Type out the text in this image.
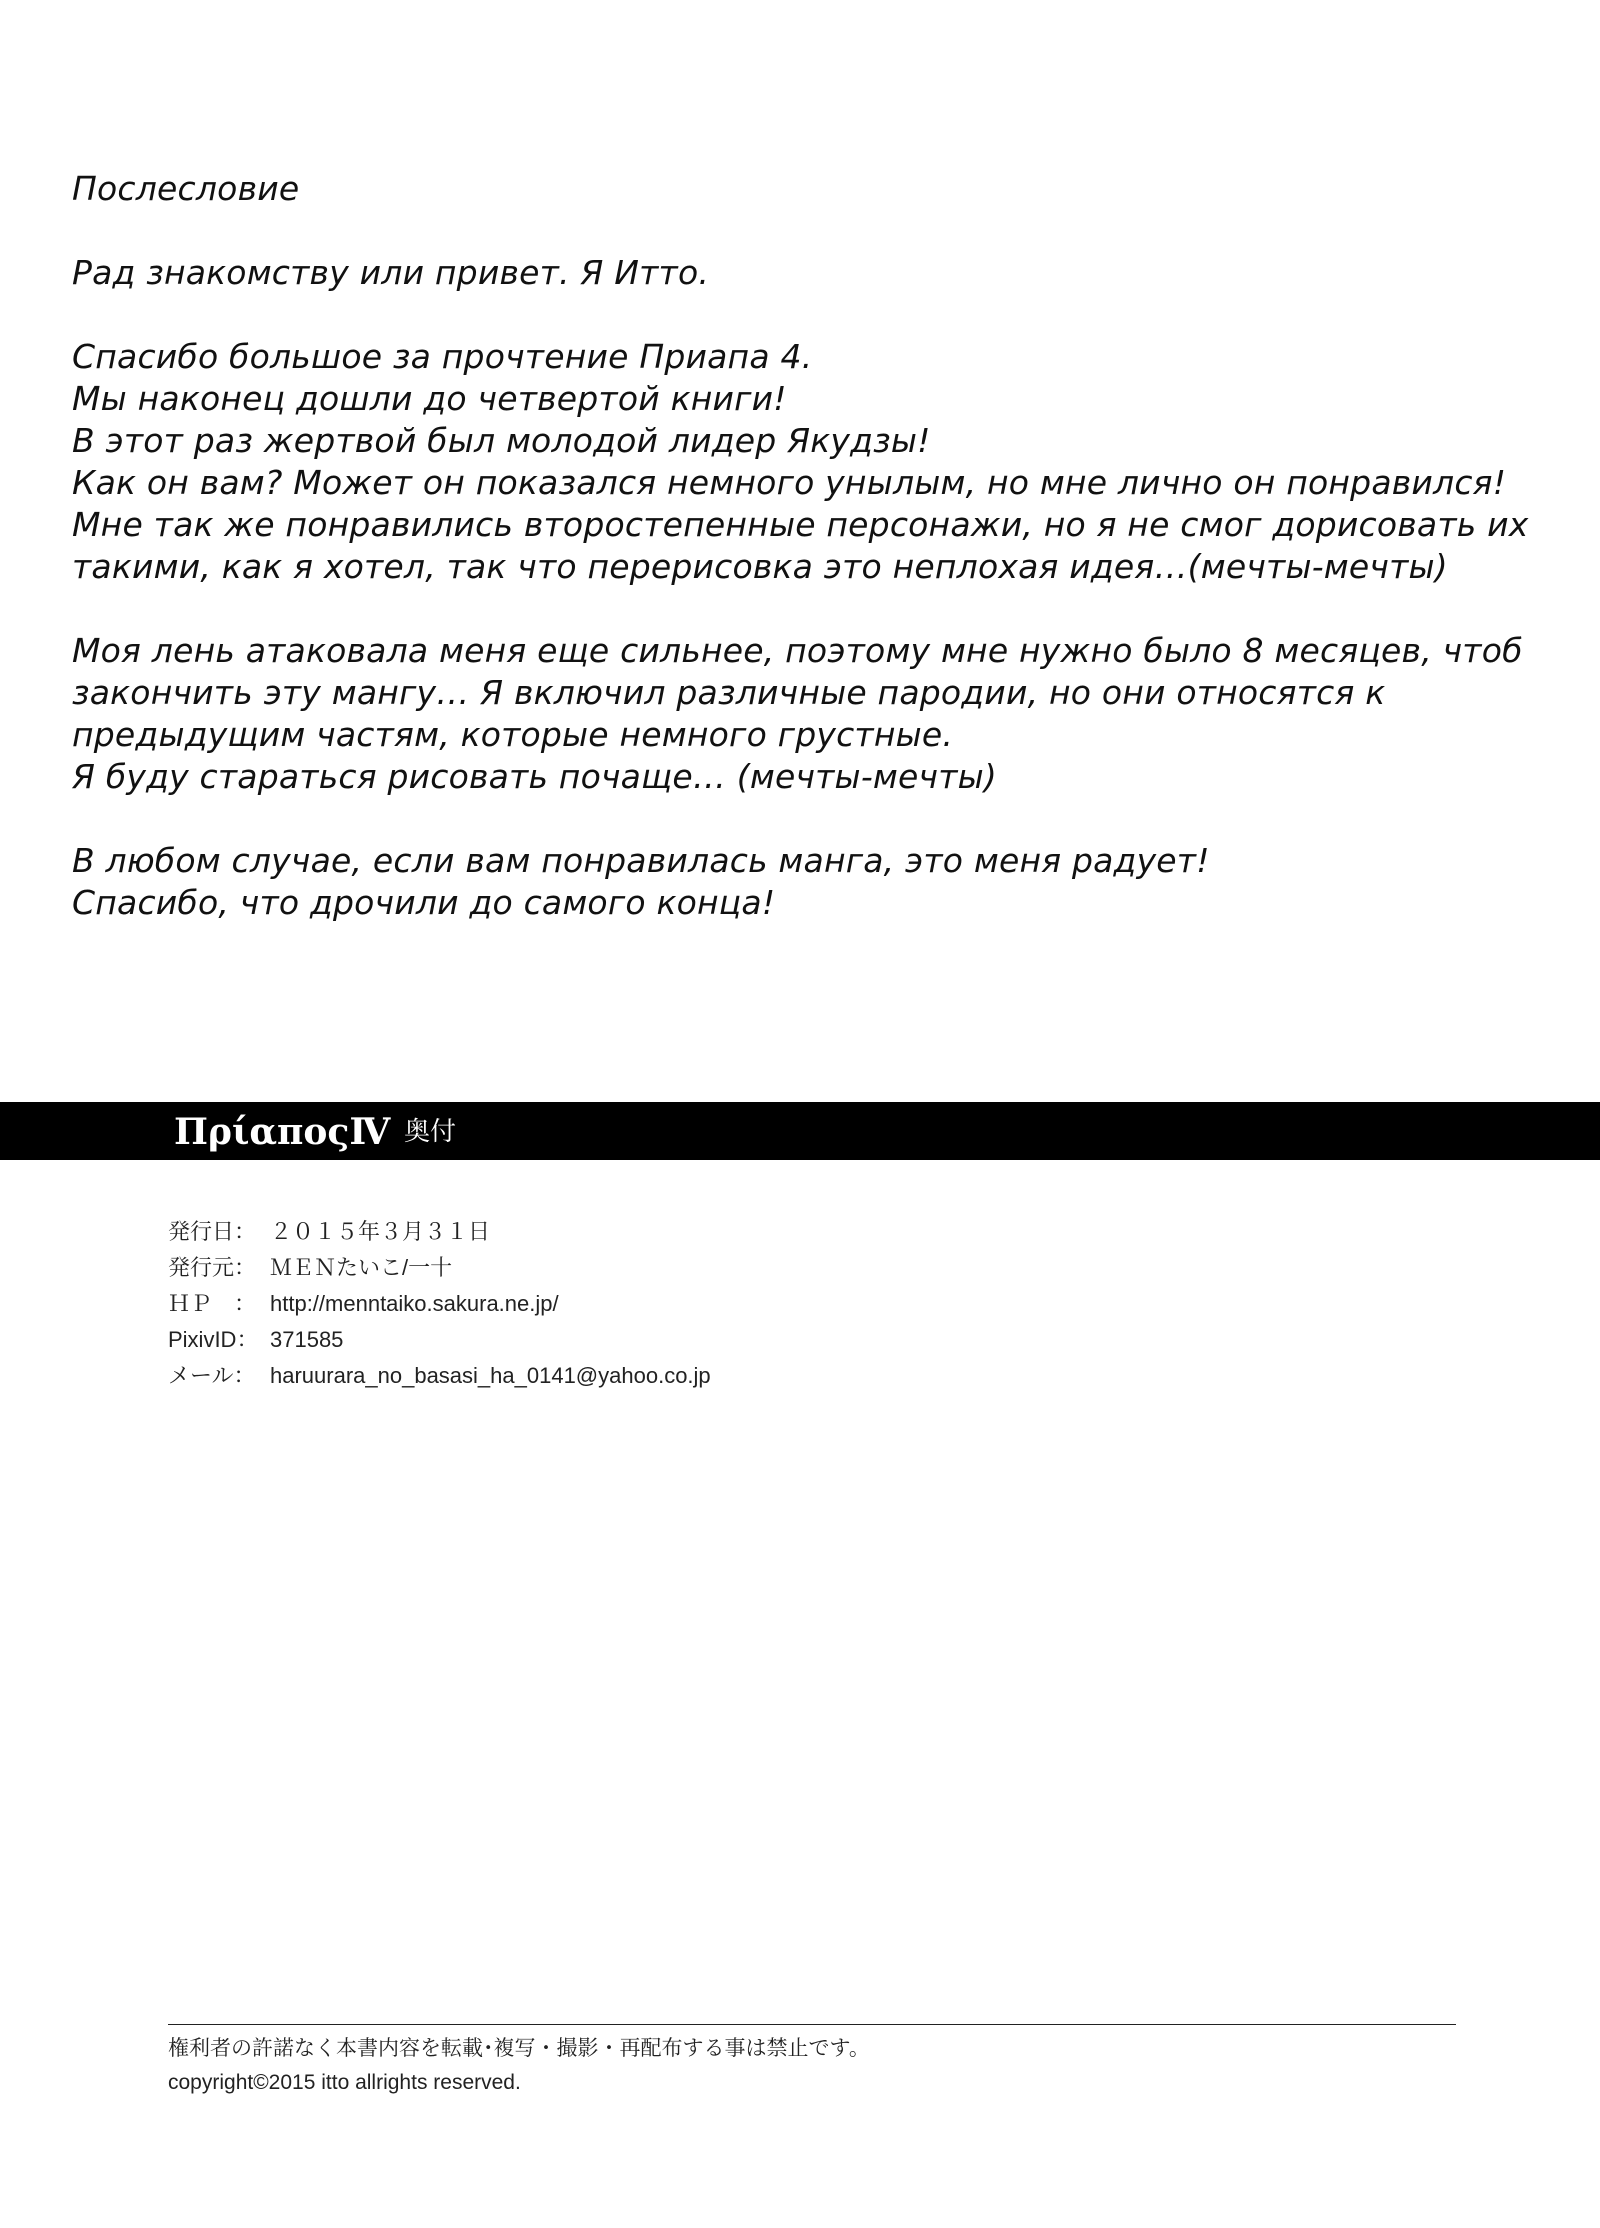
Послесловие
Рад знакомству или привет. Я Итто.
Спасибо большое за прочтение Приапа 4.
Мы наконец дошли до четвертой книги!
В этот раз жертвой был молодой лидер Якудзы!
Как он вам? Может он показался немного унылым, но мне лично он понравился!
Мне так же понравились второстепенные персонажи, но я не смог дорисовать их
такими, как я хотел, так что перерисовка это неплохая идея…(мечты-мечты)
Моя лень атаковала меня еще сильнее, поэтому мне нужно было 8 месяцев, чтоб
закончить эту мангу… Я включил различные пародии, но они относятся к
предыдущим частям, которые немного грустные.
Я буду стараться рисовать почаще… (мечты-мечты)
В любом случае, если вам понравилась манга, это меня радует!
Спасибо, что дрочили до самого конца!
ΠρίαποςⅣ 奥付
発行日： ２０１５年３月３１日
発行元： ＭＥＮたいこ/一十
ＨＰ　： http://menntaiko.sakura.ne.jp/
PixivID： 371585
メール： haruurara_no_basasi_ha_0141@yahoo.co.jp
権利者の許諾なく本書内容を転載･複写・撮影・再配布する事は禁止です。
copyright©2015 itto allrights reserved.
